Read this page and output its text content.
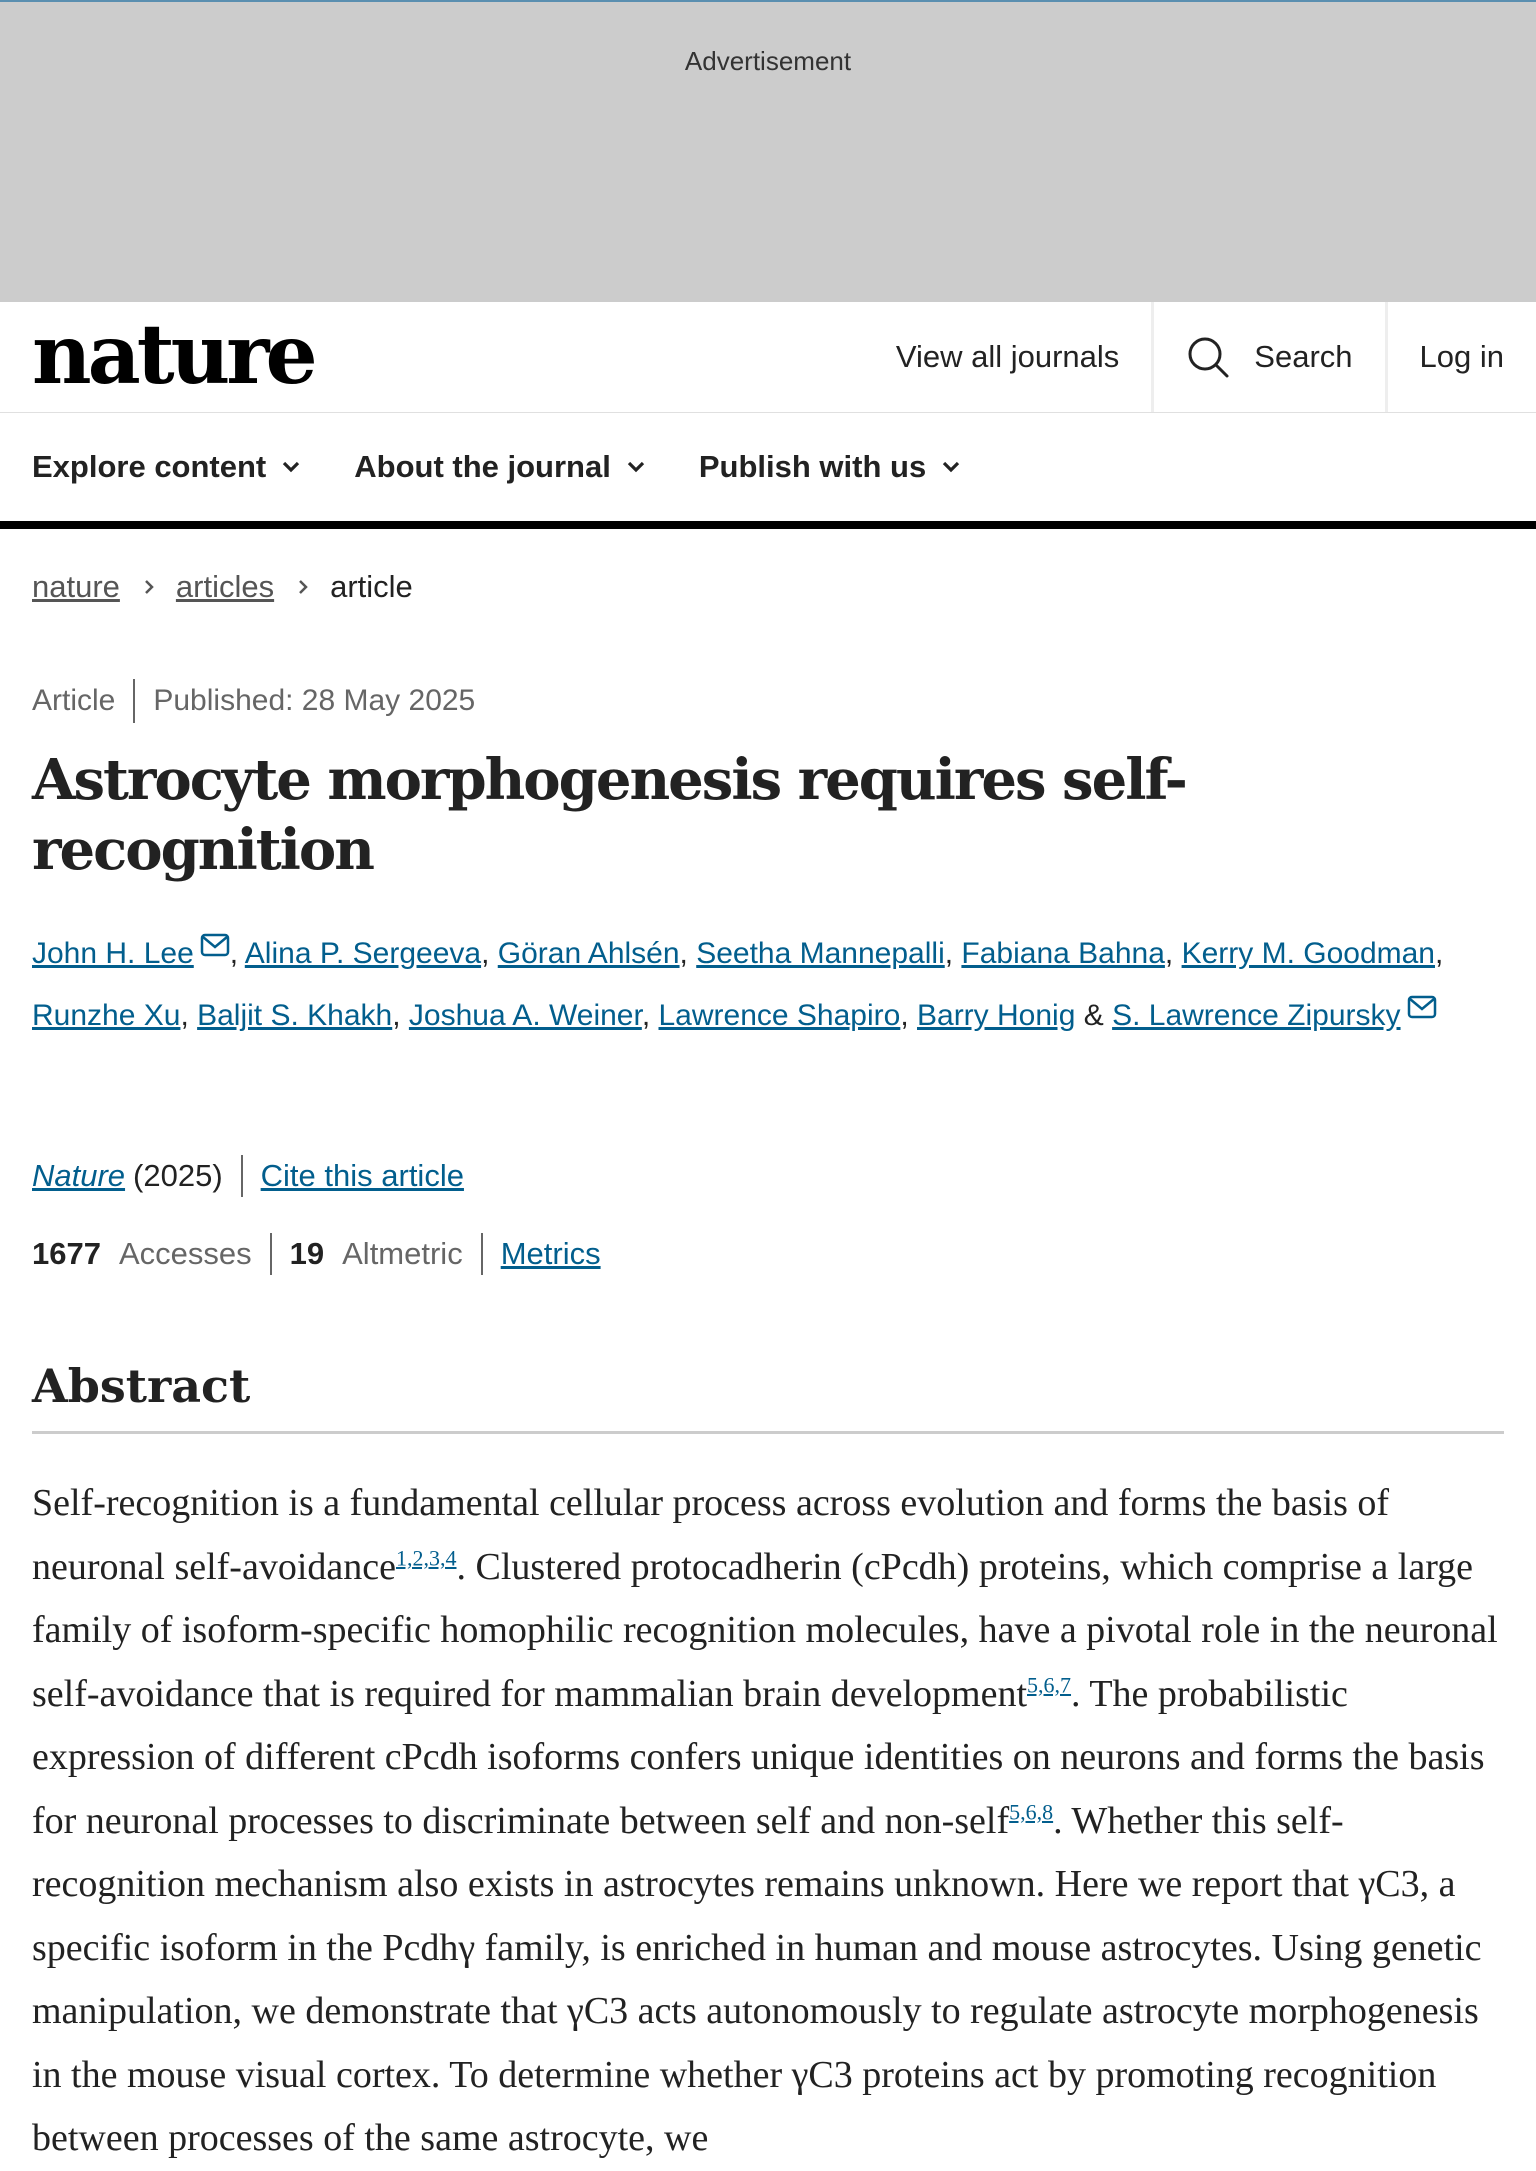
Advertisement
nature	View all journals	Search	Log in
Explore content	About the journal	Publish with us
nature articles article
Article Published: 28 May 2025
Astrocyte morphogenesis requires self-recognition
John H. Lee , Alina P. Sergeeva, Göran Ahlsén, Seetha Mannepalli, Fabiana Bahna, Kerry M. Goodman, Runzhe Xu, Baljit S. Khakh, Joshua A. Weiner, Lawrence Shapiro, Barry Honig & S. Lawrence Zipursky
Nature (2025) Cite this article
1677 Accesses 19 Altmetric Metrics
Abstract

Self-recognition is a fundamental cellular process across evolution and forms the basis of neuronal self-avoidance$^{1,2,3,4}$. Clustered protocadherin (cPcdh) proteins, which comprise a large family of isoform-specific homophilic recognition molecules, have a pivotal role in the neuronal self-avoidance that is required for mammalian brain development$^{5,6,7}$. The probabilistic expression of different cPcdh isoforms confers unique identities on neurons and forms the basis for neuronal processes to discriminate between self and non-self$^{5,6,8}$. Whether this self-recognition mechanism also exists in astrocytes remains unknown. Here we report that γC3, a specific isoform in the Pcdhγ family, is enriched in human and mouse astrocytes. Using genetic manipulation, we demonstrate that γC3 acts autonomously to regulate astrocyte morphogenesis in the mouse visual cortex. To determine whether γC3 proteins act by promoting recognition between processes of the same astrocyte, we
